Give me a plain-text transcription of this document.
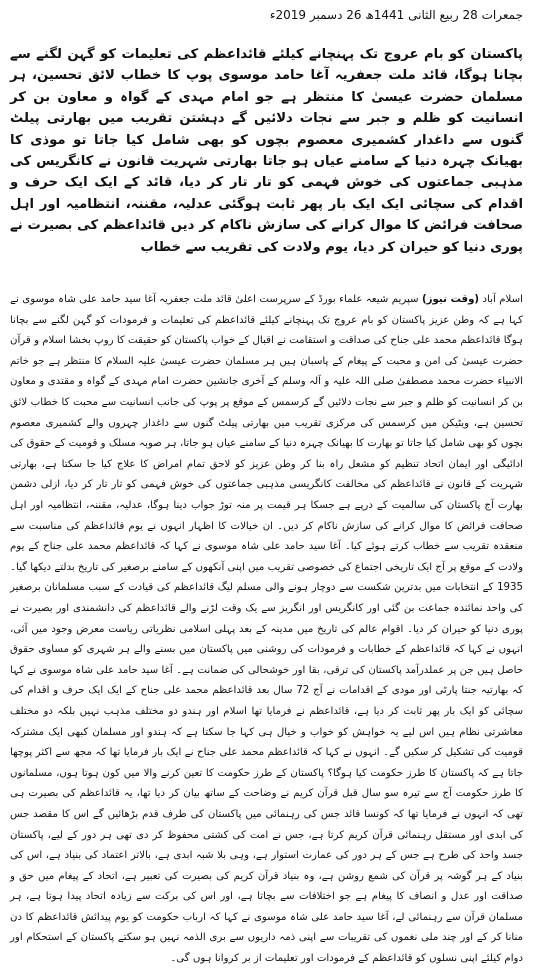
جمعرات 28 ربیع الثانی 1441ھ 26 دسمبر 2019ء
پاکستان کو بام عروج تک پہنچانے کیلئے قائداعظم کی تعلیمات کو گہن لگنے سے بچانا ہوگا، قائد ملت جعفریہ آغا حامد موسوی پوپ کا خطاب لائق تحسین، ہر مسلمان حضرت عیسیٰ کا منتظر ہے جو امام مہدی کے گواہ و معاون بن کر انسانیت کو ظلم و جبر سے نجات دلائیں گے دہشتن تقریب میں بھارتی پیلٹ گنوں سے داغدار کشمیری معصوم بچوں کو بھی شامل کیا جاتا تو موذی کا بھیانک چہرہ دنیا کے سامنے عیاں ہو جاتا بھارتی شہریت قانون نے کانگریس کی مذہبی جماعتوں کی خوش فہمی کو تار تار کر دیا، قائد کے ایک ایک حرف و اقدام کی سچائی ایک ایک بار پھر ثابت ہوگئی عدلیہ، مقننہ، انتظامیہ اور اہل صحافت فرائض کا موال کرانے کی سازش ناکام کر دیں قائداعظم کی بصیرت نے پوری دنیا کو حیران کر دیا، یوم ولادت کی تقریب سے خطاب
اسلام آباد (وقت نیوز) سپریم شیعہ علماء بورڈ کے سرپرست اعلیٰ قائد ملت جعفریہ آغا سید حامد علی شاہ موسوی نے کہا ہے کہ وطن عزیز پاکستان کو بام عروج تک پہنچانے کیلئے قائداعظم کی تعلیمات و فرمودات کو گہن لگنے سے بچانا ہوگا قائداعظم محمد علی جناح کی صداقت و استقامت نے اقبال کے خواب پاکستان کو حقیقت کا روپ بخشا اسلام و قرآن حضرت عیسیٰ کی امن و محبت کے پیغام کے پاسبان ہیں ہر مسلمان حضرت عیسیٰ علیہ السلام کا منتظر ہے جو خاتم الانبیاء حضرت محمد مصطفیٰ صلی اللہ علیہ و آلہ وسلم کے آخری جانشین حضرت امام مہدی کے گواہ و مقتدی و معاون بن کر انسانیت کو ظلم و جبر سے نجات دلائیں گے کرسمس کے موقع پر پوپ کی جانب انسانیت سے محبت کا خطاب لائق تحسین ہے، ویٹیکن میں کرسمس کی مرکزی تقریب میں بھارتی پیلٹ گنوں سے داغدار چہروں والے کشمیری معصوم بچوں کو بھی شامل کیا جاتا تو بھارت کا بھیانک چہرہ دنیا کے سامنے عیاں ہو جاتا، ہر صوبہ مسلک و قومیت کے حقوق کی ادائیگی اور ایمان اتحاد تنظیم کو مشعل راہ بنا کر وطن عزیز کو لاحق تمام امراض کا علاج کیا جا سکتا ہے، بھارتی شہریت کے قانون نے قائداعظم کی مخالفت کانگریسی مذہبی جماعتوں کی خوش فہمی کو تار تار کر دیا، ازلی دشمن بھارت آج پاکستان کی سالمیت کے درپے ہے جسکا ہر قیمت پر منہ توڑ جواب دینا ہوگا، عدلیہ، مقننہ، انتظامیہ اور اہل صحافت فرائض کا موال کرانے کی سازش ناکام کر دیں۔ ان خیالات کا اظہار انہوں نے یوم قائداعظم کی مناسبت سے منعقدہ تقریب سے خطاب کرتے ہوئے کیا۔ آغا سید حامد علی شاہ موسوی نے کہا کہ قائداعظم محمد علی جناح کے یوم ولادت کے موقع پر آج ایک تاریخی اجتماع کی خصوصی تقریب میں اپنی آنکھوں کے سامنے برصغیر کی تاریخ بدلتے دیکھا گیا۔ 1935 کے انتخابات میں بدترین شکست سے دوچار ہونے والی مسلم لیگ قائداعظم کی قیادت کے سبب مسلمانان برصغیر کی واحد نمائندہ جماعت بن گئی اور کانگریس اور انگریز سے یک وقت لڑنے والے قائداعظم کی دانشمندی اور بصیرت نے پوری دنیا کو حیران کر دیا۔ اقوام عالم کی تاریخ میں مدینہ کے بعد پہلی اسلامی نظریاتی ریاست معرض وجود میں آئی، انہوں نے کہا کہ قائداعظم کے خطابات و فرمودات کی روشنی میں پاکستان میں بسنے والے ہر شہری کو مساوی حقوق حاصل ہیں جن پر عملدرآمد پاکستان کی ترقی، بقا اور خوشحالی کی ضمانت ہے۔ آغا سید حامد علی شاہ موسوی نے کہا کہ بھارتیہ جنتا پارٹی اور مودی کے اقدامات نے آج 72 سال بعد قائداعظم محمد علی جناح کے ایک ایک حرف و اقدام کی سچائی کو ایک بار پھر ثابت کر دیا ہے، قائداعظم نے فرمایا تھا اسلام اور ہندو دو مختلف مذہب نہیں بلکہ دو مختلف معاشرتی نظام ہیں اس لیے یہ خواہش کو خواب و خیال ہی کہا جا سکتا ہے کہ ہندو اور مسلمان کبھی ایک مشترکہ قومیت کی تشکیل کر سکیں گے۔ انہوں نے کہا کہ قائداعظم محمد علی جناح نے ایک بار فرمایا تھا کہ مجھ سے اکثر پوچھا جاتا ہے کہ پاکستان کا طرز حکومت کیا ہوگا؟ پاکستان کے طرز حکومت کا تعین کرنے والا میں کون ہوتا ہوں، مسلمانوں کا طرز حکومت آج سے تیرہ سو سال قبل قرآن کریم نے وضاحت کے ساتھ بیان کر دیا تھا، یہ قائداعظم کی بصیرت ہی تھی کہ انہوں نے فرمایا تھا کہ کونسا قائد جس کی رہنمائی میں پاکستان کی طرف قدم بڑھائیں گے اس کا مقصد جس کی ابدی اور مستقل رہنمائی قرآن کریم کرتا ہے، جس نے امت کی کشتی محفوظ کر دی تھی ہر دور کے لیے، پاکستان جسد واحد کی طرح ہے جس کے ہر دور کی عمارت استوار ہے، وہی بلا شبہ ابدی ہے، بالاتر اعتماد کی بنیاد ہے، اس کی بنیاد کے ہر گوشہ پر قرآن کی شمع روشن ہے، وہ بنیاد قرآن کریم کی بصیرت کی تعبیر ہے، اتحاد کے پیغام میں حق و صداقت اور عدل و انصاف کا پیغام ہے جو اختلافات سے بچاتا ہے، اور اس کی برکت سے زیادہ اتحاد پیدا ہوتا ہے، ہر مسلمان قرآن سے رہنمائی لے، آغا سید حامد علی شاہ موسوی نے کہا کہ ارباب حکومت کو یوم پیدائش قائداعظم کا دن منانا کر کے اور چند ملی نغموں کی تقریبات سے اپنی ذمہ داریوں سے بری الذمہ نہیں ہو سکتے پاکستان کے استحکام اور دوام کیلئے اپنی نسلوں کو قائداعظم کے فرمودات اور تعلیمات از بر کروانا ہوں گی۔
